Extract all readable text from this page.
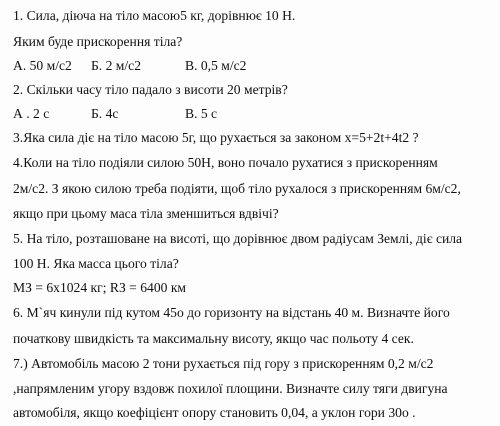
1. Сила, діюча на тіло масою5 кг, дорівнює 10 Н.
Яким буде прискорення тіла?
А. 50 м/с2 Б. 2 м/с2	В. 0,5 м/с2
2. Скільки часу тіло падало з висоти 20 метрів?
А . 2 с	Б. 4с	В. 5 с
3.Яка сила діє на тіло масою 5г, що рухається за законом x=5+2t+4t2 ?
4.Коли на тіло подіяли силою 50Н, воно почало рухатися з прискоренням
2м/с2. З якою силою треба подіяти, щоб тіло рухалося з прискоренням 6м/с2,
якщо при цьому маса тіла зменшиться вдвічі?
5. На тіло, розташоване на висоті, що дорівнює двом радіусам Землі, діє сила
100 Н. Яка масса цього тіла?
МЗ = 6х1024 кг; RЗ = 6400 км
6. М`яч кинули під кутом 45о до горизонту на відстань 40 м. Визначте його
початкову швидкість та максимальну висоту, якщо час польоту 4 сек.
7.) Автомобіль масою 2 тони рухається під гору з прискоренням 0,2 м/с2
,напрямленим угору вздовж похилої площини. Визначте силу тяги двигуна
автомобіля, якщо коефіцієнт опору становить 0,04, а уклон гори 30о .
